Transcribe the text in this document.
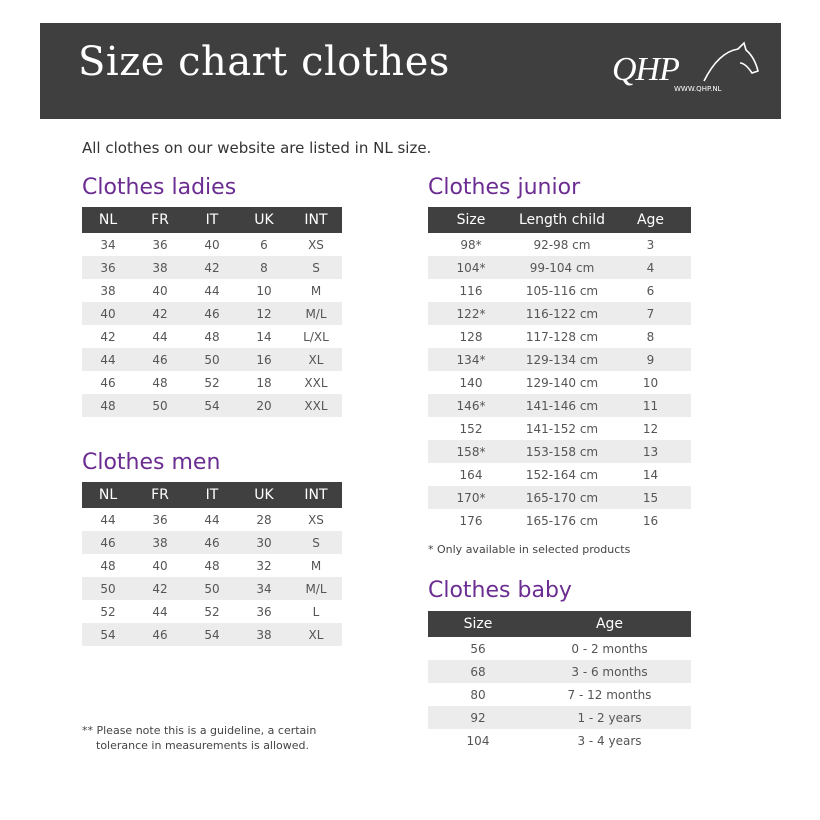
Size chart clothes	QHP
WWW.QHP.NL
All clothes on our website are listed in NL size.
Clothes ladies
NL	FR	IT	UK	INT
34	36	40	6	XS
36	38	42	8	S
38	40	44	10	M
40	42	46	12	M/L
42	44	48	14	L/XL
44	46	50	16	XL
46	48	52	18	XXL
48	50	54	20	XXL
Clothes men
NL	FR	IT	UK	INT
44	36	44	28	XS
46	38	46	30	S
48	40	48	32	M
50	42	50	34	M/L
52	44	52	36	L
54	46	54	38	XL
Clothes junior
Size	Length child	Age
98*	92-98 cm	3
104*	99-104 cm	4
116	105-116 cm	6
122*	116-122 cm	7
128	117-128 cm	8
134*	129-134 cm	9
140	129-140 cm	10
146*	141-146 cm	11
152	141-152 cm	12
158*	153-158 cm	13
164	152-164 cm	14
170*	165-170 cm	15
176	165-176 cm	16
* Only available in selected products
Clothes baby
Size	Age
56	0 - 2 months
68	3 - 6 months
80	7 - 12 months
92	1 - 2 years
104	3 - 4 years
** Please note this is a guideline, a certain
tolerance in measurements is allowed.
